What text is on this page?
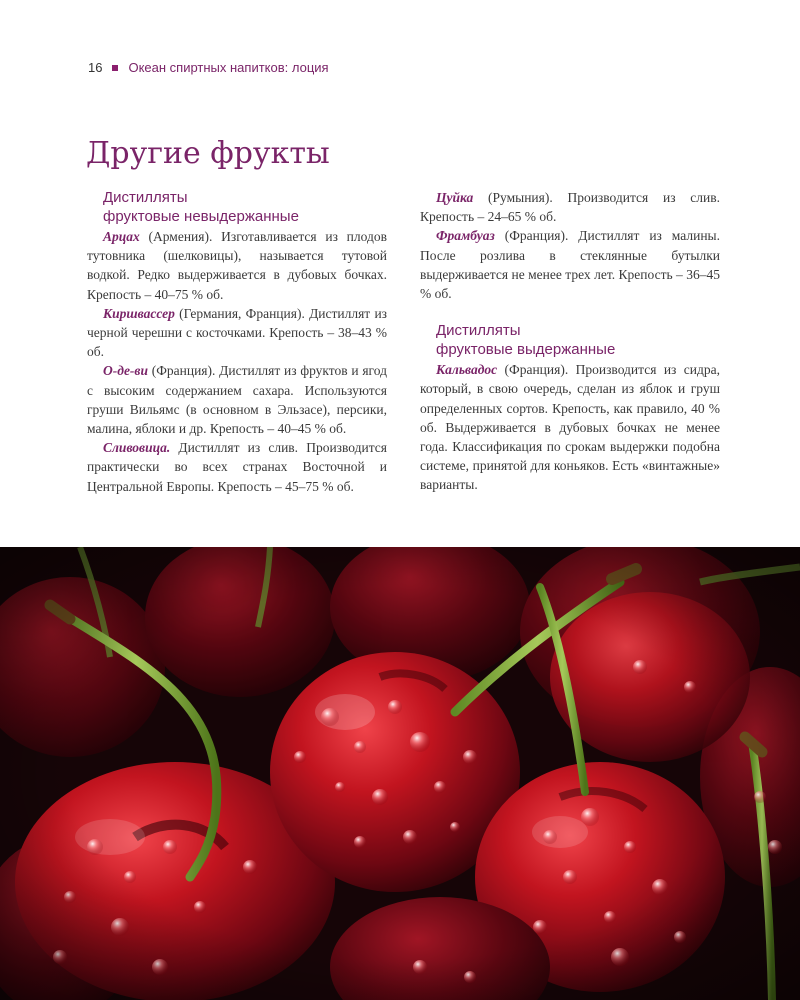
16 Океан спиртных напитков: лоция
Другие фрукты
Дистилляты
фруктовые невыдержанные

Арцах (Армения). Изготавливается из плодов тутовника (шелковицы), называется тутовой водкой. Редко выдерживается в дубовых бочках. Крепость – 40–75 % об.

Киршвассер (Германия, Франция). Дистиллят из черной черешни с косточками. Крепость – 38–43 % об.

О-де-ви (Франция). Дистиллят из фруктов и ягод с высоким содержанием сахара. Используются груши Вильямс (в основном в Эльзасе), персики, малина, яблоки и др. Крепость – 40–45 % об.

Сливовица. Дистиллят из слив. Производится практически во всех странах Восточной и Центральной Европы. Крепость – 45–75 % об.

Цуйка (Румыния). Производится из слив. Крепость – 24–65 % об.

Фрамбуаз (Франция). Дистиллят из малины. После розлива в стеклянные бутылки выдерживается не менее трех лет. Крепость – 36–45 % об.

Дистилляты
фруктовые выдержанные

Кальвадос (Франция). Производится из сидра, который, в свою очередь, сделан из яблок и груш определенных сортов. Крепость, как правило, 40 % об. Выдерживается в дубовых бочках не менее года. Классификация по срокам выдержки подобна системе, принятой для коньяков. Есть «винтажные» варианты.
